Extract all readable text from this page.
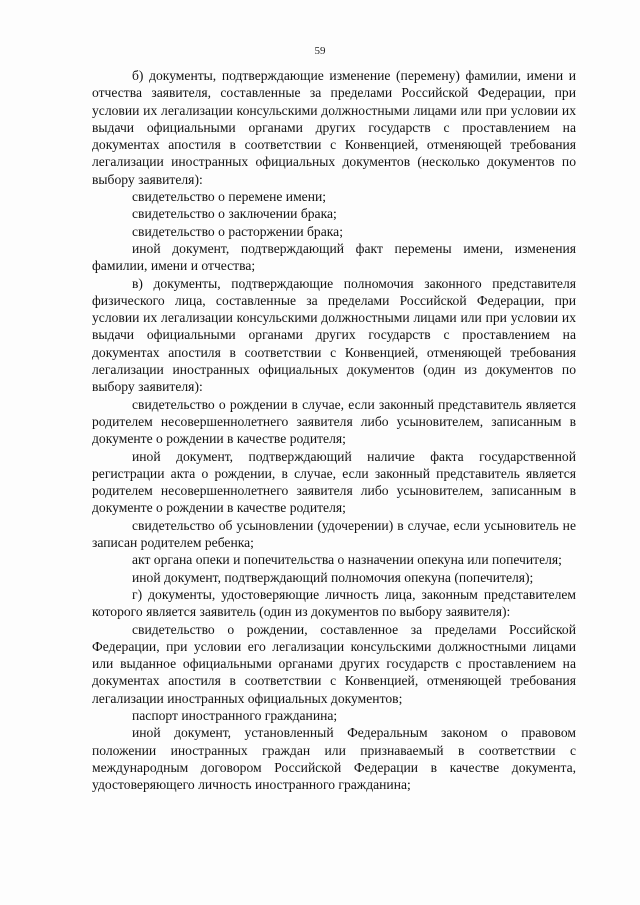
59

б) документы, подтверждающие изменение (перемену) фамилии, имени и отчества заявителя, составленные за пределами Российской Федерации, при условии их легализации консульскими должностными лицами или при условии их выдачи официальными органами других государств с проставлением на документах апостиля в соответствии с Конвенцией, отменяющей требования легализации иностранных официальных документов (несколько документов по выбору заявителя):

свидетельство о перемене имени;

свидетельство о заключении брака;

свидетельство о расторжении брака;

иной документ, подтверждающий факт перемены имени, изменения фамилии, имени и отчества;

в) документы, подтверждающие полномочия законного представителя физического лица, составленные за пределами Российской Федерации, при условии их легализации консульскими должностными лицами или при условии их выдачи официальными органами других государств с проставлением на документах апостиля в соответствии с Конвенцией, отменяющей требования легализации иностранных официальных документов (один из документов по выбору заявителя):

свидетельство о рождении в случае, если законный представитель является родителем несовершеннолетнего заявителя либо усыновителем, записанным в документе о рождении в качестве родителя;

иной документ, подтверждающий наличие факта государственной регистрации акта о рождении, в случае, если законный представитель является родителем несовершеннолетнего заявителя либо усыновителем, записанным в документе о рождении в качестве родителя;

свидетельство об усыновлении (удочерении) в случае, если усыновитель не записан родителем ребенка;

акт органа опеки и попечительства о назначении опекуна или попечителя;

иной документ, подтверждающий полномочия опекуна (попечителя);

г) документы, удостоверяющие личность лица, законным представителем которого является заявитель (один из документов по выбору заявителя):

свидетельство о рождении, составленное за пределами Российской Федерации, при условии его легализации консульскими должностными лицами или выданное официальными органами других государств с проставлением на документах апостиля в соответствии с Конвенцией, отменяющей требования легализации иностранных официальных документов;

паспорт иностранного гражданина;

иной документ, установленный Федеральным законом о правовом положении иностранных граждан или признаваемый в соответствии с международным договором Российской Федерации в качестве документа, удостоверяющего личность иностранного гражданина;
